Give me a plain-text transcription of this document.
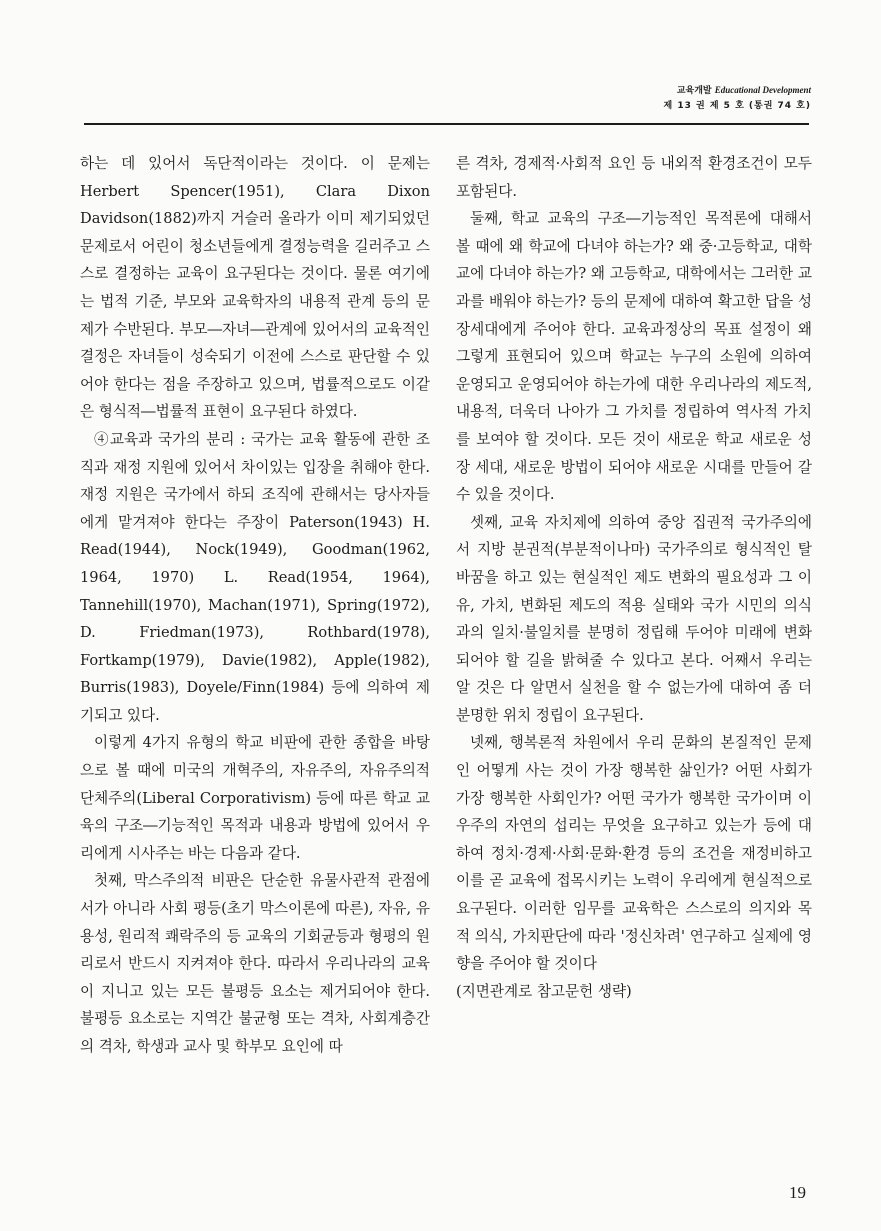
교육개발 Educational Development
제 13 권 제 5 호 (통권 74 호)

하는 데 있어서 독단적이라는 것이다. 이 문제는 Herbert Spencer(1951), Clara Dixon Davidson(1882)까지 거슬러 올라가 이미 제기되었던 문제로서 어린이 청소년들에게 결정능력을 길러주고 스스로 결정하는 교육이 요구된다는 것이다. 물론 여기에는 법적 기준, 부모와 교육학자의 내용적 관계 등의 문제가 수반된다. 부모―자녀―관계에 있어서의 교육적인 결정은 자녀들이 성숙되기 이전에 스스로 판단할 수 있어야 한다는 점을 주장하고 있으며, 법률적으로도 이같은 형식적―법률적 표현이 요구된다 하였다.

④교육과 국가의 분리 : 국가는 교육 활동에 관한 조직과 재정 지원에 있어서 차이있는 입장을 취해야 한다. 재정 지원은 국가에서 하되 조직에 관해서는 당사자들에게 맡겨져야 한다는 주장이 Paterson(1943) H. Read(1944), Nock(1949), Goodman(1962, 1964, 1970) L. Read(1954, 1964), Tannehill(1970), Machan(1971), Spring(1972), D. Friedman(1973), Rothbard(1978), Fortkamp(1979), Davie(1982), Apple(1982), Burris(1983), Doyele/Finn(1984) 등에 의하여 제기되고 있다.

이렇게 4가지 유형의 학교 비판에 관한 종합을 바탕으로 볼 때에 미국의 개혁주의, 자유주의, 자유주의적 단체주의(Liberal Corporativism) 등에 따른 학교 교육의 구조―기능적인 목적과 내용과 방법에 있어서 우리에게 시사주는 바는 다음과 같다.

첫째, 막스주의적 비판은 단순한 유물사관적 관점에서가 아니라 사회 평등(초기 막스이론에 따른), 자유, 유용성, 원리적 쾌락주의 등 교육의 기회균등과 형평의 원리로서 반드시 지켜져야 한다. 따라서 우리나라의 교육이 지니고 있는 모든 불평등 요소는 제거되어야 한다. 불평등 요소로는 지역간 불균형 또는 격차, 사회계층간의 격차, 학생과 교사 및 학부모 요인에 따

른 격차, 경제적·사회적 요인 등 내외적 환경조건이 모두 포함된다.

둘째, 학교 교육의 구조―기능적인 목적론에 대해서 볼 때에 왜 학교에 다녀야 하는가? 왜 중·고등학교, 대학교에 다녀야 하는가? 왜 고등학교, 대학에서는 그러한 교과를 배워야 하는가? 등의 문제에 대하여 확고한 답을 성장세대에게 주어야 한다. 교육과정상의 목표 설정이 왜 그렇게 표현되어 있으며 학교는 누구의 소원에 의하여 운영되고 운영되어야 하는가에 대한 우리나라의 제도적, 내용적, 더욱더 나아가 그 가치를 정립하여 역사적 가치를 보여야 할 것이다. 모든 것이 새로운 학교 새로운 성장 세대, 새로운 방법이 되어야 새로운 시대를 만들어 갈 수 있을 것이다.

셋째, 교육 자치제에 의하여 중앙 집권적 국가주의에서 지방 분권적(부분적이나마) 국가주의로 형식적인 탈바꿈을 하고 있는 현실적인 제도 변화의 필요성과 그 이유, 가치, 변화된 제도의 적용 실태와 국가 시민의 의식과의 일치·불일치를 분명히 정립해 두어야 미래에 변화되어야 할 길을 밝혀줄 수 있다고 본다. 어째서 우리는 알 것은 다 알면서 실천을 할 수 없는가에 대하여 좀 더 분명한 위치 정립이 요구된다.

넷째, 행복론적 차원에서 우리 문화의 본질적인 문제인 어떻게 사는 것이 가장 행복한 삶인가? 어떤 사회가 가장 행복한 사회인가? 어떤 국가가 행복한 국가이며 이 우주의 자연의 섭리는 무엇을 요구하고 있는가 등에 대하여 정치·경제·사회·문화·환경 등의 조건을 재정비하고 이를 곧 교육에 접목시키는 노력이 우리에게 현실적으로 요구된다. 이러한 임무를 교육학은 스스로의 의지와 목적 의식, 가치판단에 따라 '정신차려' 연구하고 실제에 영향을 주어야 할 것이다

(지면관계로 참고문헌 생략)

19
